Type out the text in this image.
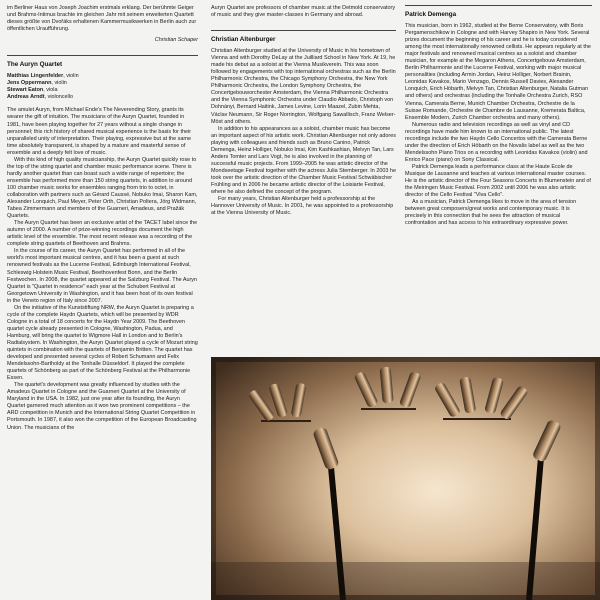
im Berliner Haus von Joseph Joachim erstmals erklang. Der berühmte Geiger und Brahms-Intimus brachte im gleichen Jahr mit seinem erweiterten Quartett dieses größte von Dvořáks erhaltenen Kammermusikwerken in Berlin auch zur öffentlichen Uraufführung.

Christian Schaper
The Auryn Quartet
Matthias Lingenfelder, violin
Jens Oppermann, violin
Stewart Eaton, viola
Andreas Arndt, violoncello

The amulet Auryn, from Michael Ende's The Neverending Story, grants its wearer the gift of intuition. The musicians of the Auryn Quartet, founded in 1981, have been playing together for 27 years without a single change in personnel; this rich history of shared musical experience is the basis for their unparalleled unity of interpretation. Their playing, expressive but at the same time absolutely transparent, is shaped by a mature and masterful sense of ensemble and a deeply felt love of music.

With this kind of high quality musicianship, the Auryn Quartet quickly rose to the top of the string quartet and chamber music performance scene. There is hardly another quartet than can boast such a wide range of repertoire; the ensemble has performed more than 150 string quartets, in addition to around 100 chamber music works for ensembles ranging from trio to octet, in collaboration with partners such as Gérard Caussé, Nobuko Imai, Sharon Kam, Alexander Lonquich, Paul Meyer, Peter Orth, Christian Poltera, Jörg Widmann, Tabea Zimmermann and members of the Guarneri, Amadeus, and Pražák Quartets.

The Auryn Quartet has been an exclusive artist of the TACET label since the autumn of 2000. A number of prize-winning recordings document the high artistic level of the ensemble. The most recent release was a recording of the complete string quartets of Beethoven and Brahms.

In the course of its career, the Auryn Quartet has performed in all of the world's most important musical centres, and it has been a guest at such renowned festivals as the Lucerne Festival, Edinburgh International Festival, Schleswig Holstein Music Festival, Beethovenfest Bonn, and the Berlin Festwochen. In 2008, the quartet appeared at the Salzburg Festival. The Auryn Quartet is "Quartet in residence" each year at the Schubert Festival at Georgetown University in Washington, and it has been host of its own festival in the Veneto region of Italy since 2007.

On the initiative of the Kunststiftung NRW, the Auryn Quartet is preparing a cycle of the complete Haydn Quartets, which will be presented by WDR Cologne in a total of 18 concerts for the Haydn Year 2009. The Beethoven quartet cycle already presented in Cologne, Washington, Padua, and Hamburg, will bring the quartet to Wigmore Hall in London and to Berlin's Radialsystem. In Washington, the Auryn Quartet played a cycle of Mozart string quintets in combination with the quartets of Benjamin Britten. The quartet has developed and presented several cycles of Robert Schumann and Felix Mendelssohn-Bartholdy at the Tonhalle Düsseldorf. It played the complete quartets of Schönberg as part of the Schönberg Festival at the Philharmonie Essen.

The quartet's development was greatly influenced by studies with the Amadeus Quartet in Cologne and the Guarneri Quartet at the University of Maryland in the USA. In 1982, just one year after its founding, the Auryn Quartet garnered much attention as it won two prominent competitions – the ARD competition in Munich and the International String Quartet Competition in Portsmouth. In 1987, it also won the competition of the European Broadcasting Union. The musicians of the

Auryn Quartet are professors of chamber music at the Detmold conservatory of music and they give master-classes in Germany and abroad.

Christian Altenburger

Christian Altenburger studied at the University of Music in his hometown of Vienna and with Dorothy DeLay at the Juilliard School in New York. At 19, he made his debut as a soloist at the Vienna Musikverein. This was soon followed by engagements with top international orchestras such as the Berlin Philharmonic Orchestra, the Chicago Symphony Orchestra, the New York Philharmonic Orchestra, the London Symphony Orchestra, the Concertgebouworchester Amsterdam, the Vienna Philharmonic Orchestra and the Vienna Symphonic Orchestra under Claudio Abbado, Christoph von Dohnányi, Bernard Haitink, James Levine, Lorin Maazel, Zubin Mehta, Václav Neumann, Sir Roger Norrington, Wolfgang Sawallisch, Franz Welser-Möst and others.

In addition to his appearances as a soloist, chamber music has become an important aspect of his artistic work. Christian Altenburger not only adores playing with colleagues and friends such as Bruno Canino, Patrick Demenga, Heinz Holliger, Nobuko Imai, Kim Kashkashian, Melvyn Tan, Lars Anders Tomter and Lars Vogt, he is also involved in the planning of successful music projects. From 1999–2005 he was artistic director of the Mondseetage Festival together with the actress Julia Stemberger. In 2003 he took over the artistic direction of the Chamber Music Festival Schwäbischer Frühling and in 2006 he became artistic director of the Loisiarte Festival, where he also defined the concept of the program.

For many years, Christian Altenburger held a professorship at the Hannover University of Music. In 2001, he was appointed to a professorship at the Vienna University of Music.

Patrick Demenga

This musician, born in 1962, studied at the Berne Conservatory, with Boris Pergamenschikow in Cologne and with Harvey Shapiro in New York. Several prizes document the beginning of his career and he is today considered among the most internationally renowned cellists. He appears regularly at the major festivals and renowned musical centres as a soloist and chamber musician, for example at the Megaron Athens, Concertgebouw Amsterdam, Berlin Philharmonie and the Lucerne Festival, working with major musical personalities (including Armin Jordan, Heinz Holliger, Norbert Brainin, Leonidas Kavakos, Mario Venzago, Dennis Russell Davies, Alexander Lonquich, Erich Höbarth, Melvyn Tan, Christian Altenburger, Natalia Gutman and others) and orchestras (including the Tonhalle Orchestra Zurich, RSO Vienna, Camerata Berne, Munich Chamber Orchestra, Orchestre de la Suisse Romande, Orchestre de Chambre de Lausanne, Kremerata Baltica, Ensemble Modern, Zurich Chamber orchestra and many others).

Numerous radio and television recordings as well as vinyl and CD recordings have made him known to an international public. The latest recordings include the two Haydn Cello Concertos with the Camerata Berne under the direction of Erich Höbarth on the Novalis label as well as the two Mendelssohn Piano Trios on a recording with Leonidas Kavakos (violin) and Enrico Pace (piano) on Sony Classical.

Patrick Demenga leads a performance class at the Haute Ecole de Musique de Lausanne and teaches at various international master courses. He is the artistic director of the Four Seasons Concerts in Blumenstein and of the Meiringen Music Festival. From 2002 until 2006 he was also artistic director of the Cello Festival "Viva Cello".

As a musician, Patrick Demenga likes to move in the area of tension between great composers/great works and contemporary music. It is precisely in this connection that he sees the attraction of musical confrontation and has access to his extraordinary expressive power.
